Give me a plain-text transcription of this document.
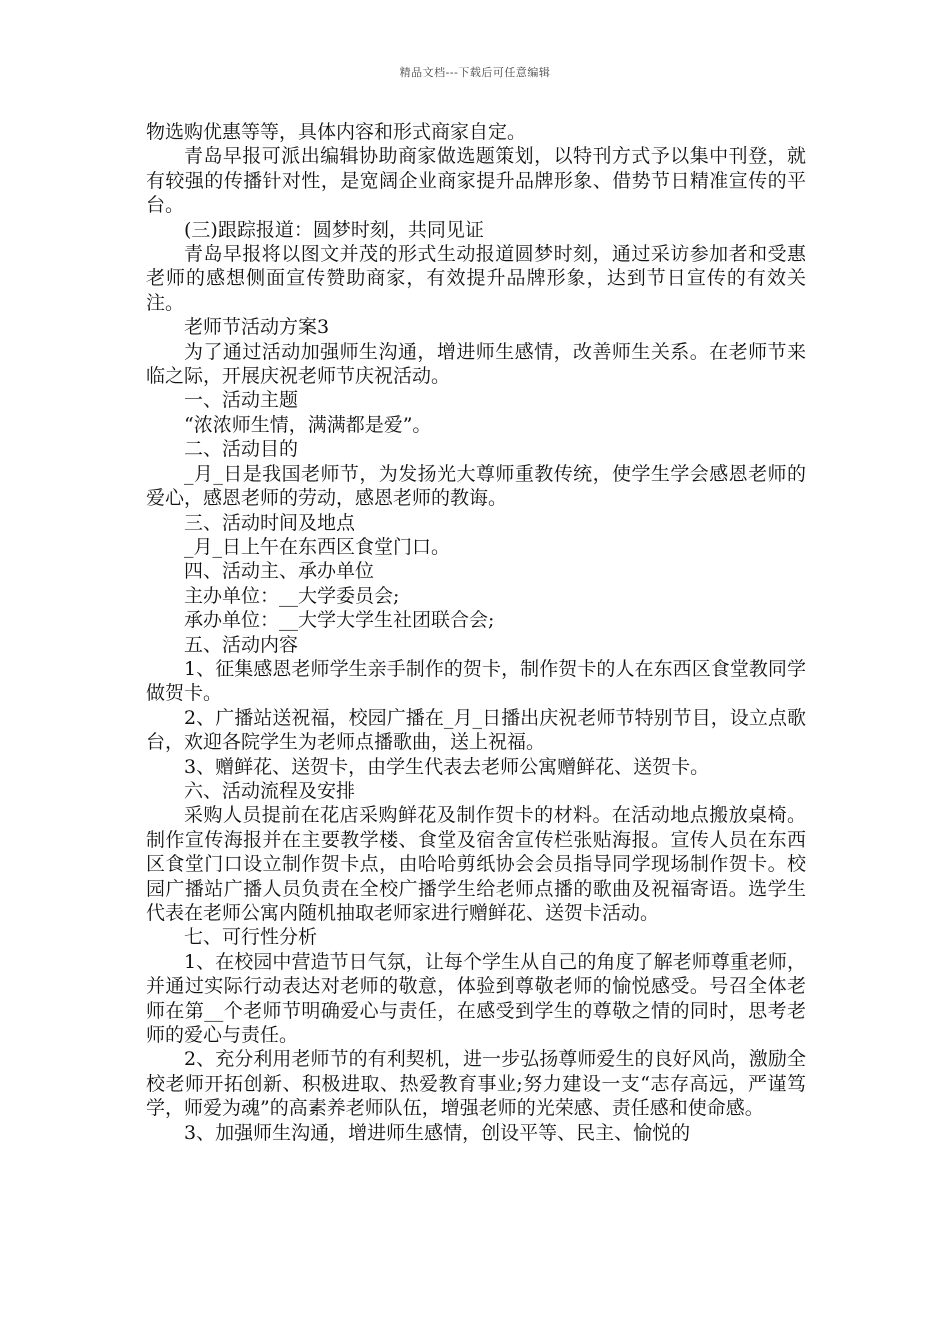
精品文档---下载后可任意编辑

物选购优惠等等，具体内容和形式商家自定。

青岛早报可派出编辑协助商家做选题策划，以特刊方式予以集中刊登，就有较强的传播针对性，是宽阔企业商家提升品牌形象、借势节日精准宣传的平台。

(三)跟踪报道：圆梦时刻，共同见证

青岛早报将以图文并茂的形式生动报道圆梦时刻，通过采访参加者和受惠老师的感想侧面宣传赞助商家，有效提升品牌形象，达到节日宣传的有效关注。

老师节活动方案3

为了通过活动加强师生沟通，增进师生感情，改善师生关系。在老师节来临之际，开展庆祝老师节庆祝活动。

一、活动主题

“浓浓师生情，满满都是爱”。

二、活动目的

_月_日是我国老师节，为发扬光大尊师重教传统，使学生学会感恩老师的爱心，感恩老师的劳动，感恩老师的教诲。

三、活动时间及地点

_月_日上午在东西区食堂门口。

四、活动主、承办单位

主办单位：__大学委员会;

承办单位：__大学大学生社团联合会;

五、活动内容

1、征集感恩老师学生亲手制作的贺卡，制作贺卡的人在东西区食堂教同学做贺卡。

2、广播站送祝福，校园广播在_月_日播出庆祝老师节特别节目，设立点歌台，欢迎各院学生为老师点播歌曲，送上祝福。

3、赠鲜花、送贺卡，由学生代表去老师公寓赠鲜花、送贺卡。

六、活动流程及安排

采购人员提前在花店采购鲜花及制作贺卡的材料。在活动地点搬放桌椅。制作宣传海报并在主要教学楼、食堂及宿舍宣传栏张贴海报。宣传人员在东西区食堂门口设立制作贺卡点，由哈哈剪纸协会会员指导同学现场制作贺卡。校园广播站广播人员负责在全校广播学生给老师点播的歌曲及祝福寄语。选学生代表在老师公寓内随机抽取老师家进行赠鲜花、送贺卡活动。

七、可行性分析

1、在校园中营造节日气氛，让每个学生从自己的角度了解老师尊重老师，并通过实际行动表达对老师的敬意，体验到尊敬老师的愉悦感受。号召全体老师在第__个老师节明确爱心与责任，在感受到学生的尊敬之情的同时，思考老师的爱心与责任。

2、充分利用老师节的有利契机，进一步弘扬尊师爱生的良好风尚，激励全校老师开拓创新、积极进取、热爱教育事业;努力建设一支“志存高远，严谨笃学，师爱为魂”的高素养老师队伍，增强老师的光荣感、责任感和使命感。

3、加强师生沟通，增进师生感情，创设平等、民主、愉悦的
